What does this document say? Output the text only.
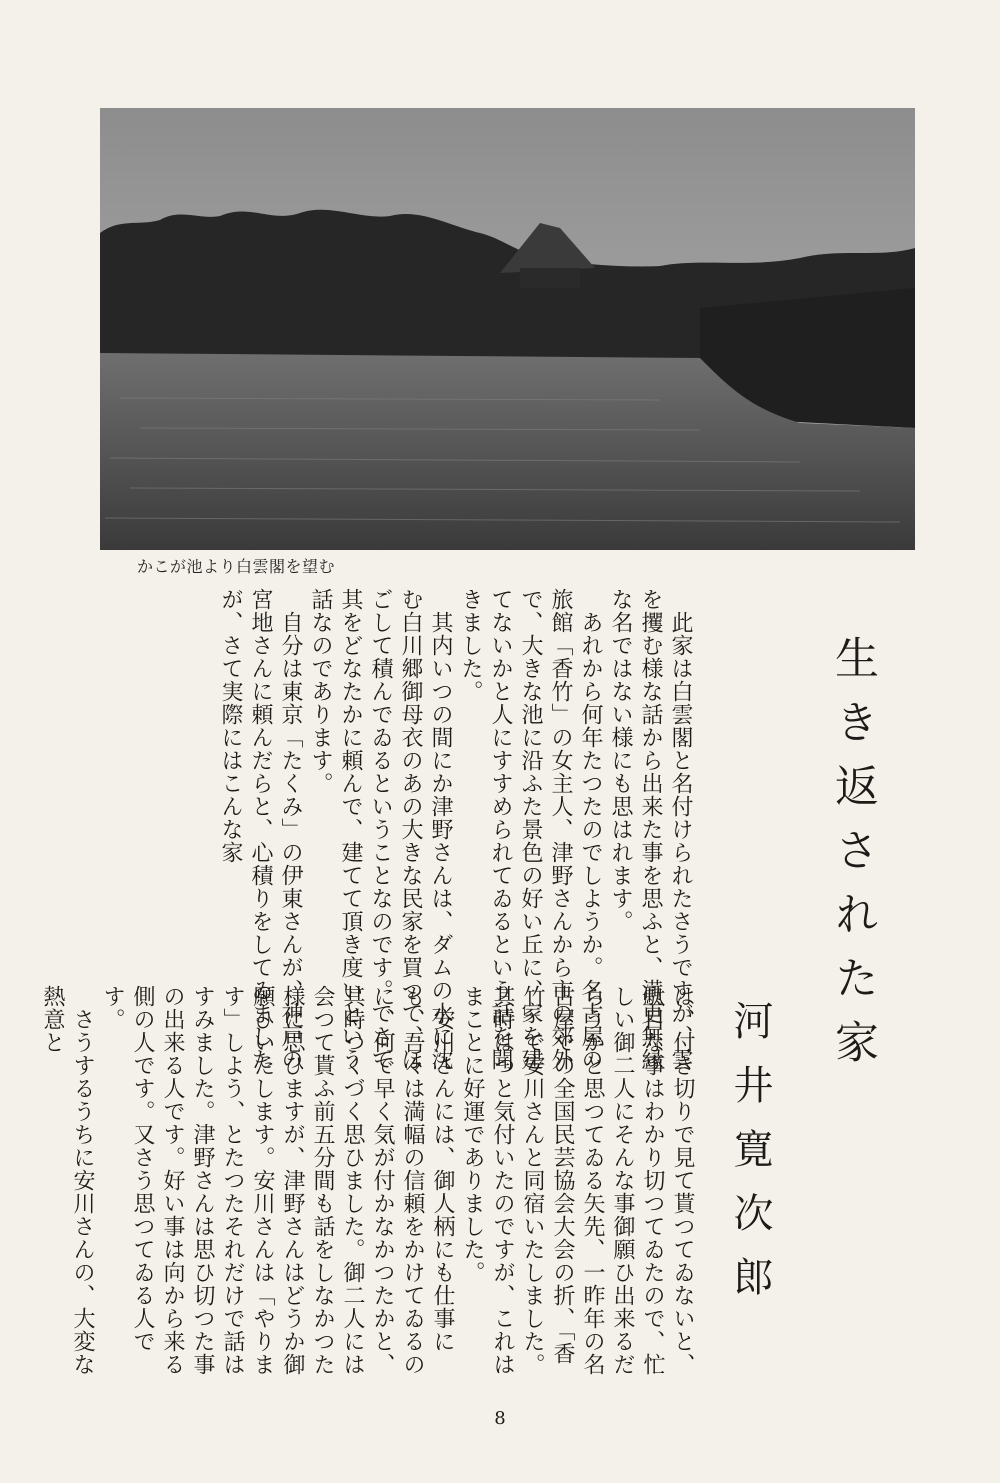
かこが池より白雲閣を望む
生き返された家
河井寛次郎

　此家は白雲閣と名付けられたさうですが、雲を攫む様な話から出来た事を思ふと、満更無縁な名ではない様にも思はれます。

　あれから何年たつたのでしようか。名古屋の旅館「香竹」の女主人、津野さんから市の郊外で、大きな池に沿ふた景色の好い丘に、家を建てないかと人にすすめられてゐるという話を聞きました。

　其内いつの間にか津野さんは、ダムの水に沈む白川郷御母衣のあの大きな民家を買つて、ほごして積んでゐるということなのです。でさて其をどなたかに頼んで、建てて頂き度いという話なのであります。

　自分は東京「たくみ」の伊東さんが、神戸の宮地さんに頼んだらと、心積りをしてゐましたが、さて実際にはこんな家

は、付き切りで見て貰つてゐないと、駄目な事はわかり切つてゐたので、忙しい御二人にそんな事御願ひ出来るだらうかと思つてゐる矢先、一昨年の名古屋での全国民芸協会大会の折、「香竹」で安川さんと同宿いたしました。其時はつと気付いたのですが、これはまことに好運でありました。

　安川さんには、御人柄にも仕事にも、吾々は満幅の信頼をかけてゐるのに、何で早く気が付かなかつたかと、其時つくづく思ひました。御二人には会つて貰ふ前五分間も話をしなかつた様に思ひますが、津野さんはどうか御願ひいたします。安川さんは「やります」しよう、とたつたそれだけで話はすみました。津野さんは思ひ切つた事の出来る人です。好い事は向から来る側の人です。又さう思つてゐる人です。

　さうするうちに安川さんの、大変な熱意と

8
